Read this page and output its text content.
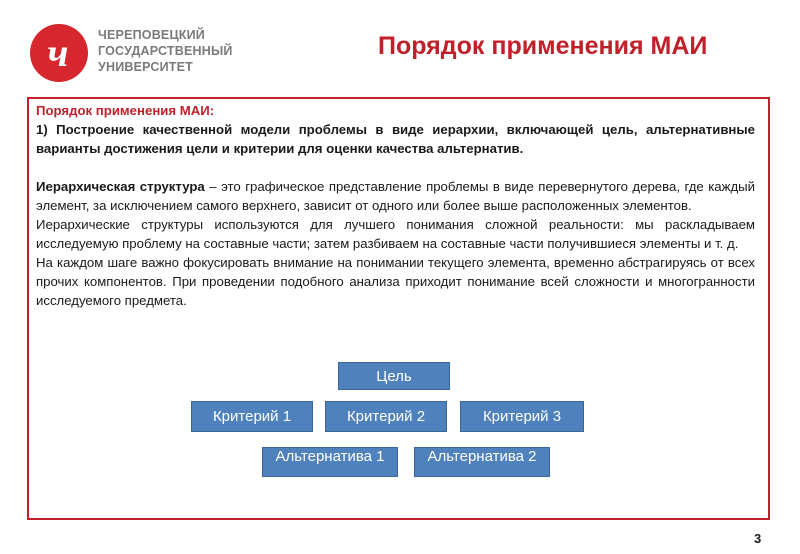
ч ЧЕРЕПОВЕЦКИЙ
ГОСУДАРСТВЕННЫЙ
УНИВЕРСИТЕТ
Порядок применения МАИ

Порядок применения МАИ:

1) Построение качественной модели проблемы в виде иерархии, включающей цель, альтернативные варианты достижения цели и критерии для оценки качества альтернатив.

Иерархическая структура – это графическое представление проблемы в виде перевернутого дерева, где каждый элемент, за исключением самого верхнего, зависит от одного или более выше расположенных элементов.

Иерархические структуры используются для лучшего понимания сложной реальности: мы раскладываем исследуемую проблему на составные части; затем разбиваем на составные части получившиеся элементы и т. д.

На каждом шаге важно фокусировать внимание на понимании текущего элемента, временно абстрагируясь от всех прочих компонентов. При проведении подобного анализа приходит понимание всей сложности и многогранности исследуемого предмета.

Цель
Критерий 1	Критерий 2	Критерий 3
Альтернатива 1	Альтернатива 2
3
